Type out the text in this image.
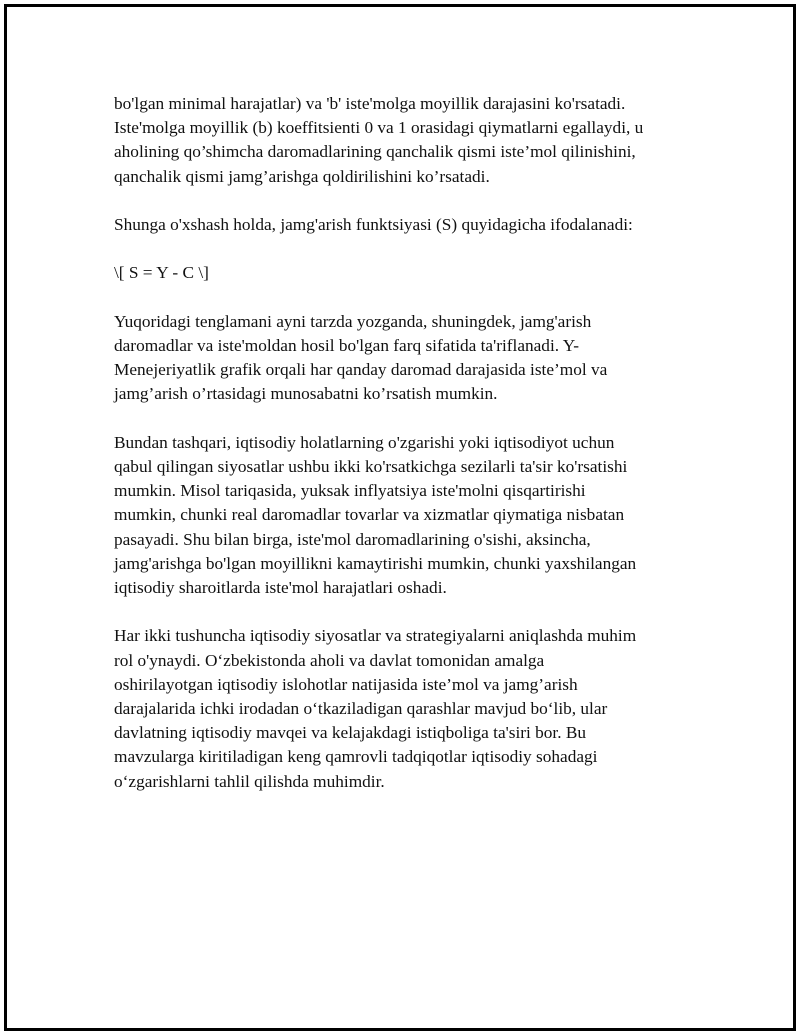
bo'lgan minimal harajatlar) va 'b' iste'molga moyillik darajasini ko'rsatadi.
Iste'molga moyillik (b) koeffitsienti 0 va 1 orasidagi qiymatlarni egallaydi, u
aholining qo’shimcha daromadlarining qanchalik qismi iste’mol qilinishini,
qanchalik qismi jamg’arishga qoldirilishini ko’rsatadi.

Shunga o'xshash holda, jamg'arish funktsiyasi (S) quyidagicha ifodalanadi:

\[ S = Y - C \]

Yuqoridagi tenglamani ayni tarzda yozganda, shuningdek, jamg'arish
daromadlar va iste'moldan hosil bo'lgan farq sifatida ta'riflanadi. Y-
Menejeriyatlik grafik orqali har qanday daromad darajasida iste’mol va
jamg’arish o’rtasidagi munosabatni ko’rsatish mumkin.

Bundan tashqari, iqtisodiy holatlarning o'zgarishi yoki iqtisodiyot uchun
qabul qilingan siyosatlar ushbu ikki ko'rsatkichga sezilarli ta'sir ko'rsatishi
mumkin. Misol tariqasida, yuksak inflyatsiya iste'molni qisqartirishi
mumkin, chunki real daromadlar tovarlar va xizmatlar qiymatiga nisbatan
pasayadi. Shu bilan birga, iste'mol daromadlarining o'sishi, aksincha,
jamg'arishga bo'lgan moyillikni kamaytirishi mumkin, chunki yaxshilangan
iqtisodiy sharoitlarda iste'mol harajatlari oshadi.

Har ikki tushuncha iqtisodiy siyosatlar va strategiyalarni aniqlashda muhim
rol o'ynaydi. O‘zbekistonda aholi va davlat tomonidan amalga
oshirilayotgan iqtisodiy islohotlar natijasida iste’mol va jamg’arish
darajalarida ichki irodadan o‘tkaziladigan qarashlar mavjud bo‘lib, ular
davlatning iqtisodiy mavqei va kelajakdagi istiqboliga ta'siri bor. Bu
mavzularga kiritiladigan keng qamrovli tadqiqotlar iqtisodiy sohadagi
o‘zgarishlarni tahlil qilishda muhimdir.
